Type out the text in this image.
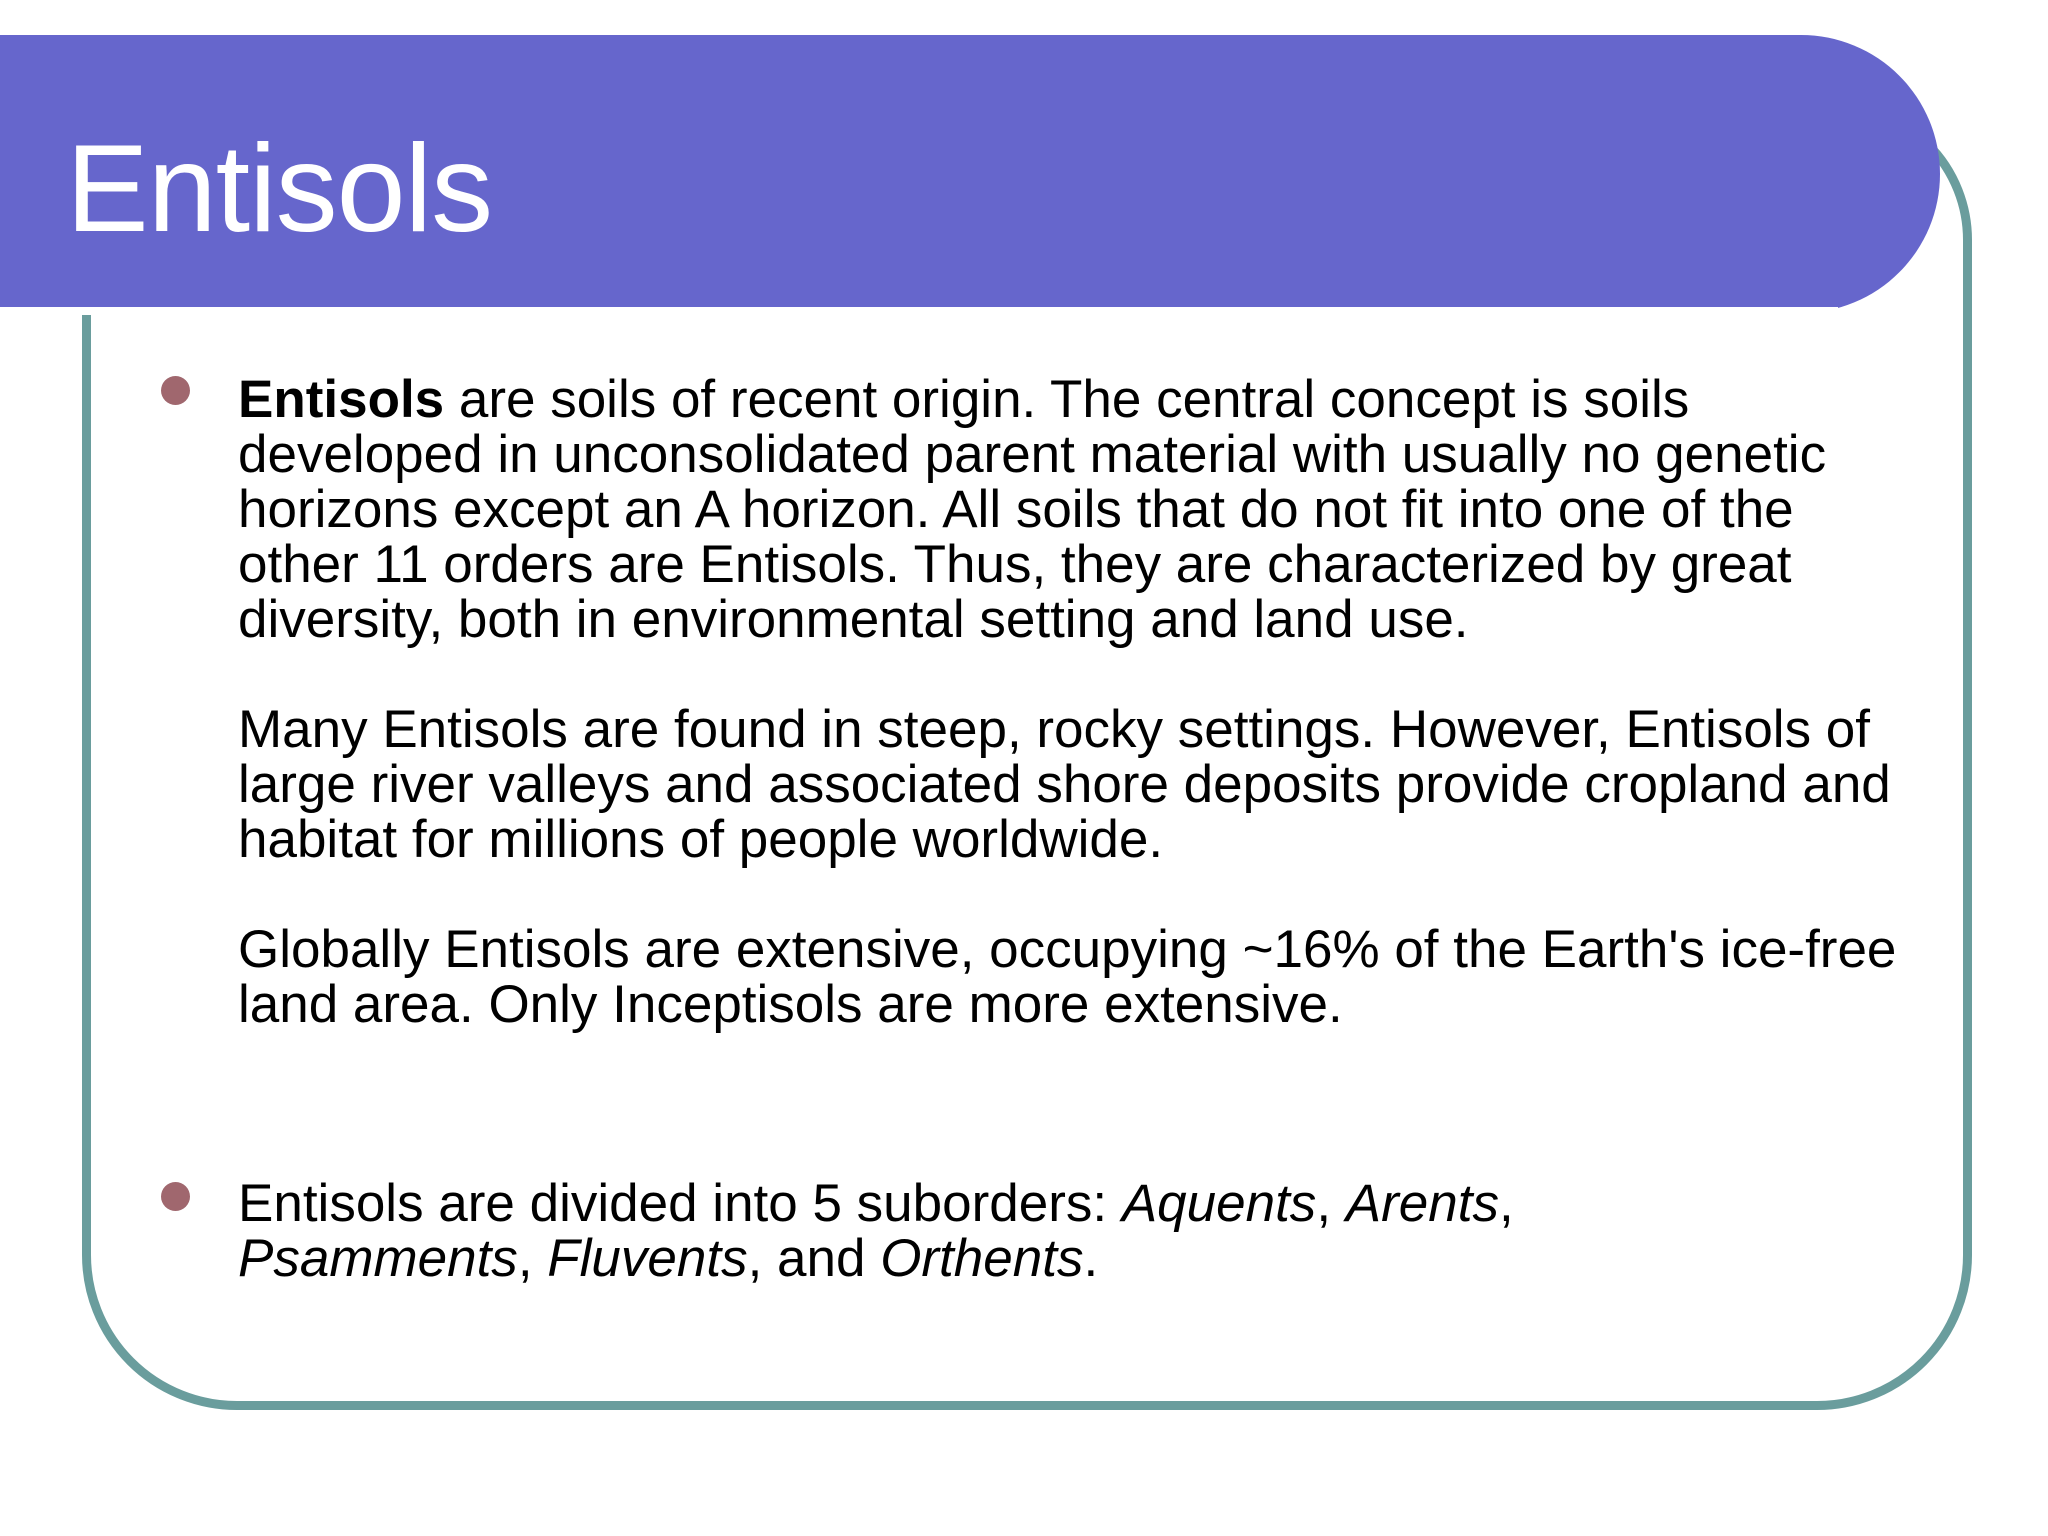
Entisols
Entisols are soils of recent origin. The central concept is soils developed in unconsolidated parent material with usually no genetic horizons except an A horizon. All soils that do not fit into one of the other 11 orders are Entisols. Thus, they are characterized by great diversity, both in environmental setting and land use.
Many Entisols are found in steep, rocky settings. However, Entisols of large river valleys and associated shore deposits provide cropland and habitat for millions of people worldwide.
Globally Entisols are extensive, occupying ~16% of the Earth's ice-free land area. Only Inceptisols are more extensive.
Entisols are divided into 5 suborders: Aquents, Arents,
Psamments, Fluvents, and Orthents.
